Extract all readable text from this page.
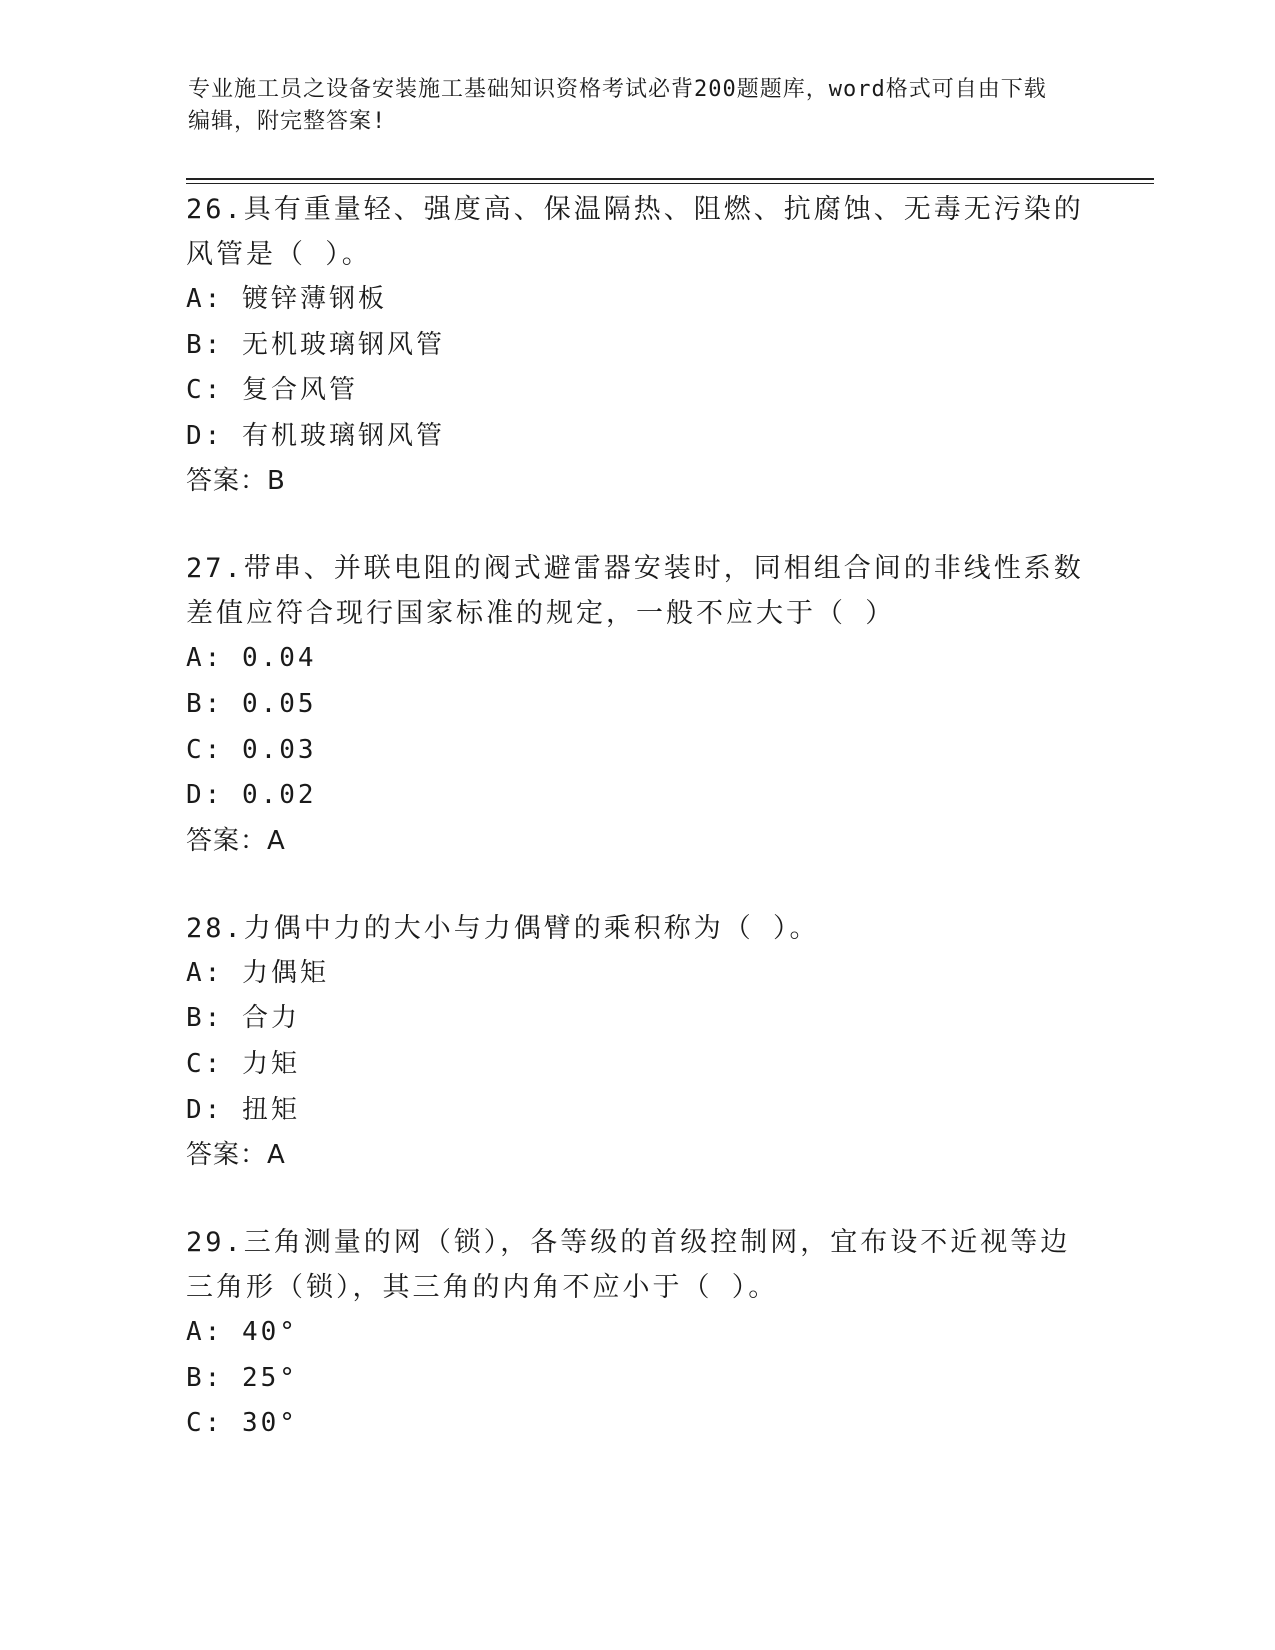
专业施工员之设备安装施工基础知识资格考试必背200题题库，word格式可自由下载编辑，附完整答案!
26.具有重量轻、强度高、保温隔热、阻燃、抗腐蚀、无毒无污染的风管是（ ）。
A: 镀锌薄钢板
B: 无机玻璃钢风管
C: 复合风管
D: 有机玻璃钢风管
答案：B
27.带串、并联电阻的阀式避雷器安装时，同相组合间的非线性系数差值应符合现行国家标准的规定，一般不应大于（ ）
A: 0.04
B: 0.05
C: 0.03
D: 0.02
答案：A
28.力偶中力的大小与力偶臂的乘积称为（ ）。
A: 力偶矩
B: 合力
C: 力矩
D: 扭矩
答案：A
29.三角测量的网（锁），各等级的首级控制网，宜布设不近视等边三角形（锁），其三角的内角不应小于（ ）。
A: 40°
B: 25°
C: 30°
